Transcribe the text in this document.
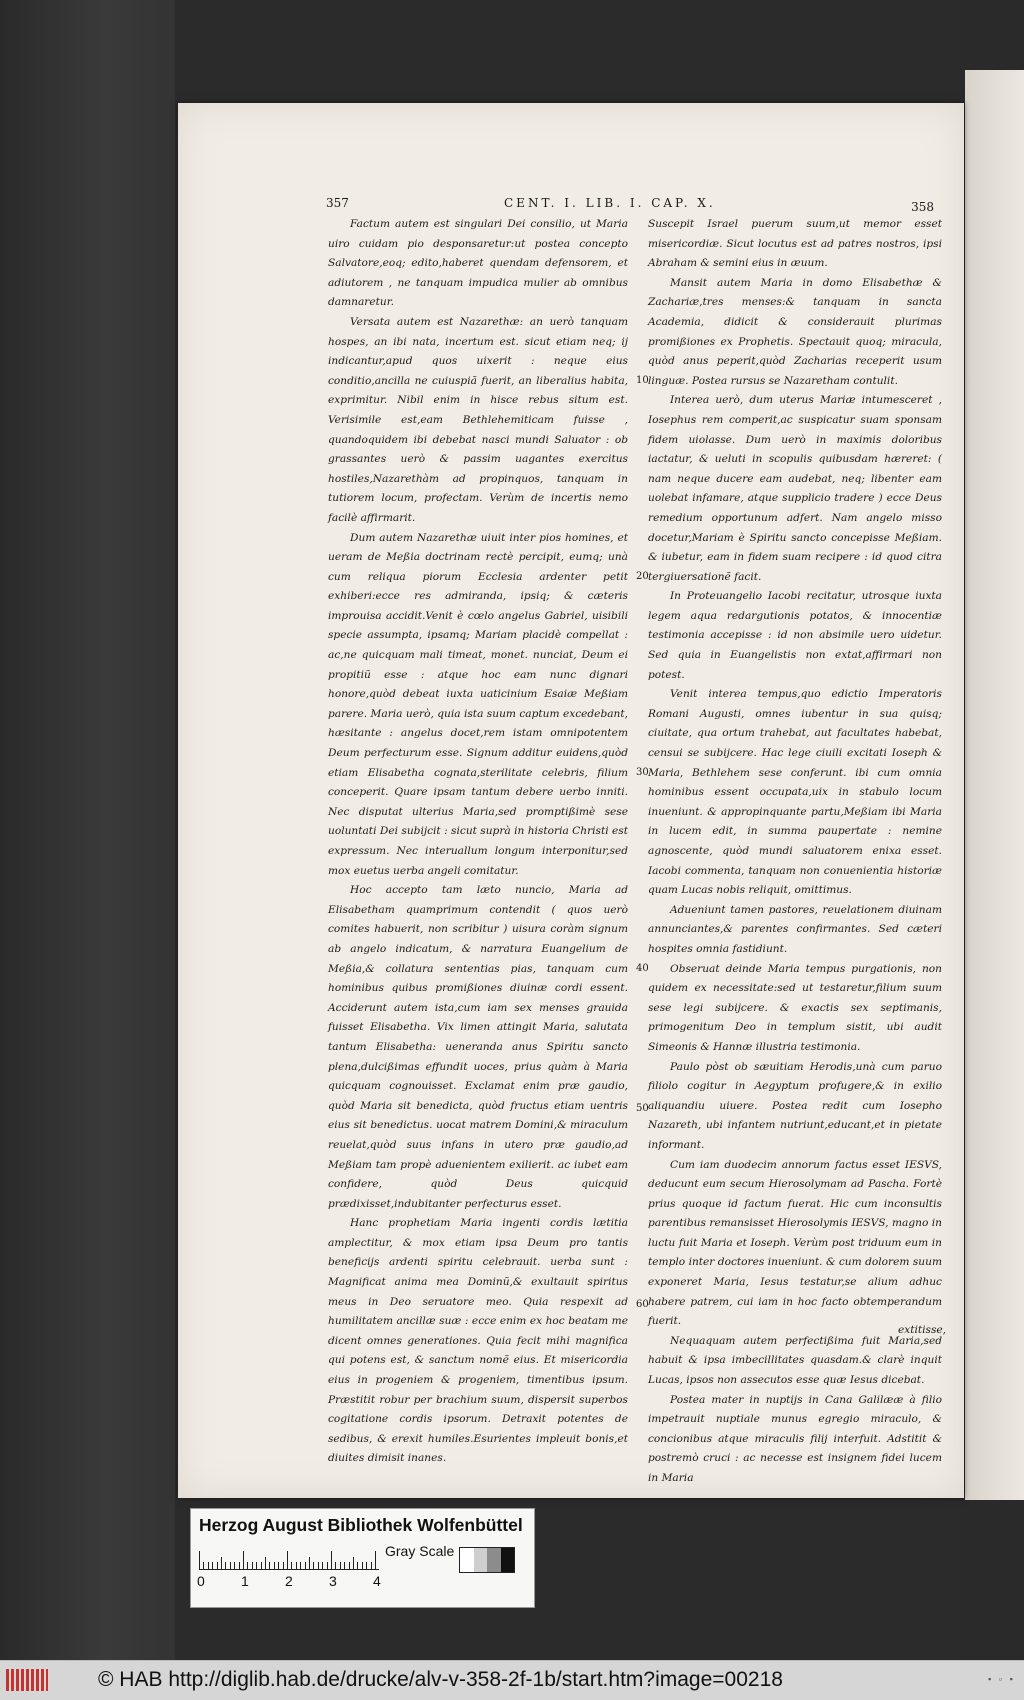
357	CENT. I. LIB. I. CAP. X.	358

Factum autem est singulari Dei consilio, ut Maria uiro cuidam pio desponsaretur:ut postea concepto Salvatore,eoq; edito,haberet quendam defensorem, et adiutorem , ne tanquam impudica mulier ab omnibus damnaretur.

Versata autem est Nazarethæ: an uerò tanquam hospes, an ibi nata, incertum est. sicut etiam neq; ij indicantur,apud quos uixerit : neque eius conditio,ancilla ne cuiuspiã fuerit, an liberalius habita, exprimitur. Nibil enim in hisce rebus situm est. Verisimile est,eam Bethlehemiticam fuisse , quandoquidem ibi debebat nasci mundi Saluator : ob grassantes uerò & passim uagantes exercitus hostiles,Nazarethàm ad propinquos, tanquam in tutiorem locum, profectam. Verùm de incertis nemo facilè affirmarit.

Dum autem Nazarethæ uiuit inter pios homines, et ueram de Meßia doctrinam rectè percipit, eumq; unà cum reliqua piorum Ecclesia ardenter petit exhiberi:ecce res admiranda, ipsiq; & cæteris improuisa accidit.Venit è cœlo angelus Gabriel, uisibili specie assumpta, ipsamq; Mariam placidè compellat : ac,ne quicquam mali timeat, monet. nunciat, Deum ei propitiũ esse : atque hoc eam nunc dignari honore,quòd debeat iuxta uaticinium Esaiæ Meßiam parere. Maria uerò, quia ista suum captum excedebant, hæsitante : angelus docet,rem istam omnipotentem Deum perfecturum esse. Signum additur euidens,quòd etiam Elisabetha cognata,sterilitate celebris, filium conceperit. Quare ipsam tantum debere uerbo inniti. Nec disputat ulterius Maria,sed promptißimè sese uoluntati Dei subijcit : sicut suprà in historia Christi est expressum. Nec interuallum longum interponitur,sed mox euetus uerba angeli comitatur.

Hoc accepto tam læto nuncio, Maria ad Elisabetham quamprimum contendit ( quos uerò comites habuerit, non scribitur ) uisura coràm signum ab angelo indicatum, & narratura Euangelium de Meßia,& collatura sententias pias, tanquam cum hominibus quibus promißiones diuinæ cordi essent. Acciderunt autem ista,cum iam sex menses grauida fuisset Elisabetha. Vix limen attingit Maria, salutata tantum Elisabetha: ueneranda anus Spiritu sancto plena,dulcißimas effundit uoces, prius quàm à Maria quicquam cognouisset. Exclamat enim præ gaudio, quòd Maria sit benedicta, quòd fructus etiam uentris eius sit benedictus. uocat matrem Domini,& miraculum reuelat,quòd suus infans in utero præ gaudio,ad Meßiam tam propè aduenientem exilierit. ac iubet eam confidere, quòd Deus quicquid prædixisset,indubitanter perfecturus esset.

Hanc prophetiam Maria ingenti cordis lætitia amplectitur, & mox etiam ipsa Deum pro tantis beneficijs ardenti spiritu celebrauit. uerba sunt : Magnificat anima mea Dominũ,& exultauit spiritus meus in Deo seruatore meo. Quia respexit ad humilitatem ancillæ suæ : ecce enim ex hoc beatam me dicent omnes generationes. Quia fecit mihi magnifica qui potens est, & sanctum nomẽ eius. Et misericordia eius in progeniem & progeniem, timentibus ipsum. Præstitit robur per brachium suum, dispersit superbos cogitatione cordis ipsorum. Detraxit potentes de sedibus, & erexit humiles.Esurientes impleuit bonis,et diuites dimisit inanes.

10
20
30
40
50
60

Suscepit Israel puerum suum,ut memor esset misericordiæ. Sicut locutus est ad patres nostros, ipsi Abraham & semini eius in æuum.

Mansit autem Maria in domo Elisabethæ & Zachariæ,tres menses:& tanquam in sancta Academia, didicit & considerauit plurimas promißiones ex Prophetis. Spectauit quoq; miracula, quòd anus peperit,quòd Zacharias receperit usum linguæ. Postea rursus se Nazaretham contulit.

Interea uerò, dum uterus Mariæ intumesceret , Iosephus rem comperit,ac suspicatur suam sponsam fidem uiolasse. Dum uerò in maximis doloribus iactatur, & ueluti in scopulis quibusdam hæreret: ( nam neque ducere eam audebat, neq; libenter eam uolebat infamare, atque supplicio tradere ) ecce Deus remedium opportunum adfert. Nam angelo misso docetur,Mariam è Spiritu sancto concepisse Meßiam. & iubetur, eam in fidem suam recipere : id quod citra tergiuersationẽ facit.

In Proteuangelio Iacobi recitatur, utrosque iuxta legem aqua redargutionis potatos, & innocentiæ testimonia accepisse : id non absimile uero uidetur. Sed quia in Euangelistis non extat,affirmari non potest.

Venit interea tempus,quo edictio Imperatoris Romani Augusti, omnes iubentur in sua quisq; ciuitate, qua ortum trahebat, aut facultates habebat, censui se subijcere. Hac lege ciuili excitati Ioseph & Maria, Bethlehem sese conferunt. ibi cum omnia hominibus essent occupata,uix in stabulo locum inueniunt. & appropinquante partu,Meßiam ibi Maria in lucem edit, in summa paupertate : nemine agnoscente, quòd mundi saluatorem enixa esset. Iacobi commenta, tanquam non conuenientia historiæ quam Lucas nobis reliquit, omittimus.

Adueniunt tamen pastores, reuelationem diuinam annunciantes,& parentes confirmantes. Sed cæteri hospites omnia fastidiunt.

Obseruat deinde Maria tempus purgationis, non quidem ex necessitate:sed ut testaretur,filium suum sese legi subijcere. & exactis sex septimanis, primogenitum Deo in templum sistit, ubi audit Simeonis & Hannæ illustria testimonia.

Paulo pòst ob sæuitiam Herodis,unà cum paruo filiolo cogitur in Aegyptum profugere,& in exilio aliquandiu uiuere. Postea redit cum Iosepho Nazareth, ubi infantem nutriunt,educant,et in pietate informant.

Cum iam duodecim annorum factus esset IESVS, deducunt eum secum Hierosolymam ad Pascha. Fortè prius quoque id factum fuerat. Hic cum inconsultis parentibus remansisset Hierosolymis IESVS, magno in luctu fuit Maria et Ioseph. Verùm post triduum eum in templo inter doctores inueniunt. & cum dolorem suum exponeret Maria, Iesus testatur,se alium adhuc habere patrem, cui iam in hoc facto obtemperandum fuerit.

Nequaquam autem perfectißima fuit Maria,sed habuit & ipsa imbecillitates quasdam.& clarè inquit Lucas, ipsos non assecutos esse quæ Iesus dicebat.

Postea mater in nuptijs in Cana Galilææ à filio impetrauit nuptiale munus egregio miraculo, & concionibus atque miraculis filij interfuit. Adstitit & postremò cruci : ac necesse est insignem fidei lucem in Maria

extitisse,
Herzog August Bibliothek Wolfenbüttel
0	1	2	3	4
Gray Scale
© HAB http://diglib.hab.de/drucke/alv-v-358-2f-1b/start.htm?image=00218	▪ ▫ ▪
